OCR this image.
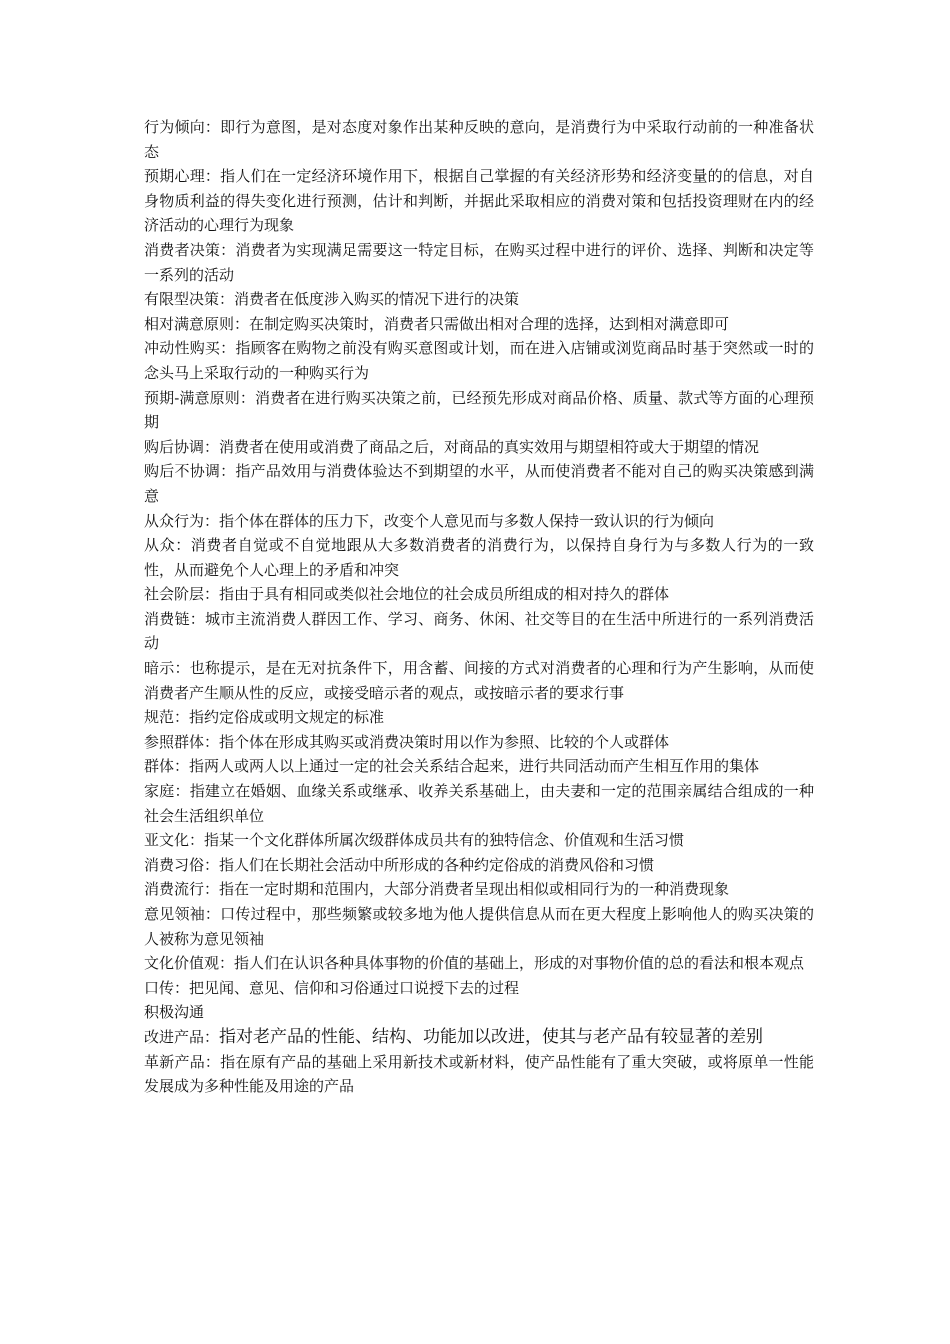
行为倾向：即行为意图，是对态度对象作出某种反映的意向，是消费行为中采取行动前的一种准备状态

预期心理：指人们在一定经济环境作用下，根据自己掌握的有关经济形势和经济变量的的信息，对自身物质利益的得失变化进行预测，估计和判断，并据此采取相应的消费对策和包括投资理财在内的经济活动的心理行为现象

消费者决策：消费者为实现满足需要这一特定目标，在购买过程中进行的评价、选择、判断和决定等一系列的活动

有限型决策：消费者在低度涉入购买的情况下进行的决策

相对满意原则：在制定购买决策时，消费者只需做出相对合理的选择，达到相对满意即可

冲动性购买：指顾客在购物之前没有购买意图或计划，而在进入店铺或浏览商品时基于突然或一时的念头马上采取行动的一种购买行为

预期-满意原则：消费者在进行购买决策之前，已经预先形成对商品价格、质量、款式等方面的心理预期

购后协调：消费者在使用或消费了商品之后，对商品的真实效用与期望相符或大于期望的情况

购后不协调：指产品效用与消费体验达不到期望的水平，从而使消费者不能对自己的购买决策感到满意

从众行为：指个体在群体的压力下，改变个人意见而与多数人保持一致认识的行为倾向

从众：消费者自觉或不自觉地跟从大多数消费者的消费行为，以保持自身行为与多数人行为的一致性，从而避免个人心理上的矛盾和冲突

社会阶层：指由于具有相同或类似社会地位的社会成员所组成的相对持久的群体

消费链：城市主流消费人群因工作、学习、商务、休闲、社交等目的在生活中所进行的一系列消费活动

暗示：也称提示，是在无对抗条件下，用含蓄、间接的方式对消费者的心理和行为产生影响，从而使消费者产生顺从性的反应，或接受暗示者的观点，或按暗示者的要求行事

规范：指约定俗成或明文规定的标准

参照群体：指个体在形成其购买或消费决策时用以作为参照、比较的个人或群体

群体：指两人或两人以上通过一定的社会关系结合起来，进行共同活动而产生相互作用的集体

家庭：指建立在婚姻、血缘关系或继承、收养关系基础上，由夫妻和一定的范围亲属结合组成的一种社会生活组织单位

亚文化：指某一个文化群体所属次级群体成员共有的独特信念、价值观和生活习惯

消费习俗：指人们在长期社会活动中所形成的各种约定俗成的消费风俗和习惯

消费流行：指在一定时期和范围内，大部分消费者呈现出相似或相同行为的一种消费现象

意见领袖：口传过程中，那些频繁或较多地为他人提供信息从而在更大程度上影响他人的购买决策的人被称为意见领袖

文化价值观：指人们在认识各种具体事物的价值的基础上，形成的对事物价值的总的看法和根本观点

口传：把见闻、意见、信仰和习俗通过口说授下去的过程

积极沟通

改进产品：指对老产品的性能、结构、功能加以改进，使其与老产品有较显著的差别

革新产品：指在原有产品的基础上采用新技术或新材料，使产品性能有了重大突破，或将原单一性能发展成为多种性能及用途的产品
